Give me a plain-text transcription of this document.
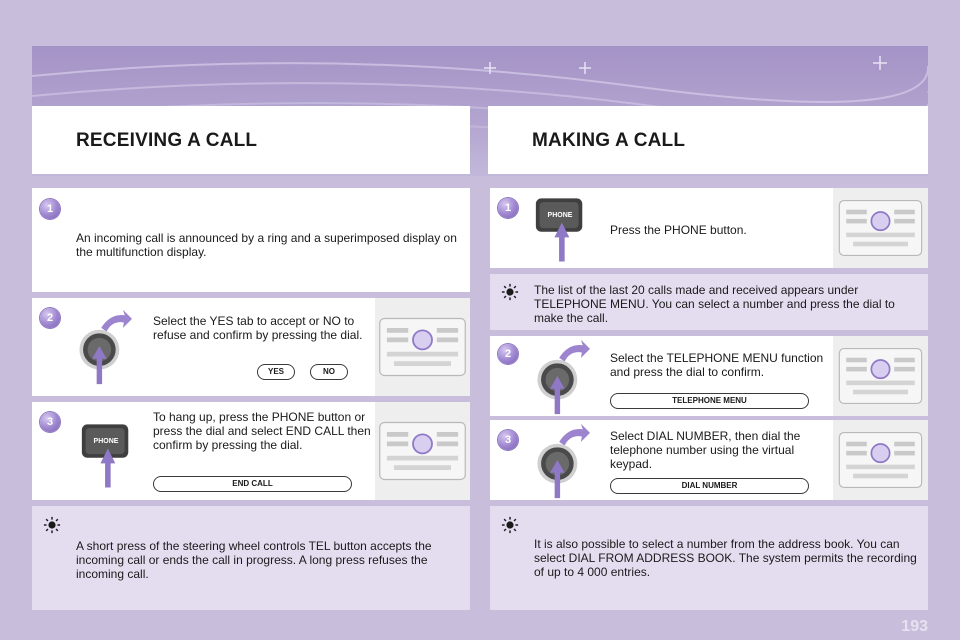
RECEIVING A CALL	MAKING A CALL
1
An incoming call is announced by a ring and a superimposed display on the multifunction display.
2	Select the YES tab to accept or NO to refuse and confirm by pressing the dial.
YES	NO
3
PHONE
To hang up, press the PHONE button or press the dial and select END CALL then confirm by pressing the dial.
END CALL
A short press of the steering wheel controls TEL button accepts the incoming call or ends the call in progress. A long press refuses the incoming call.
1
PHONE
Press the PHONE button.
The list of the last 20 calls made and received appears under TELEPHONE MENU. You can select a number and press the dial to make the call.
2	Select the TELEPHONE MENU function and press the dial to confirm.
TELEPHONE MENU
3	Select DIAL NUMBER, then dial the telephone number using the virtual keypad.
DIAL NUMBER
It is also possible to select a number from the address book. You can select DIAL FROM ADDRESS BOOK. The system permits the recording of up to 4 000 entries.
193
